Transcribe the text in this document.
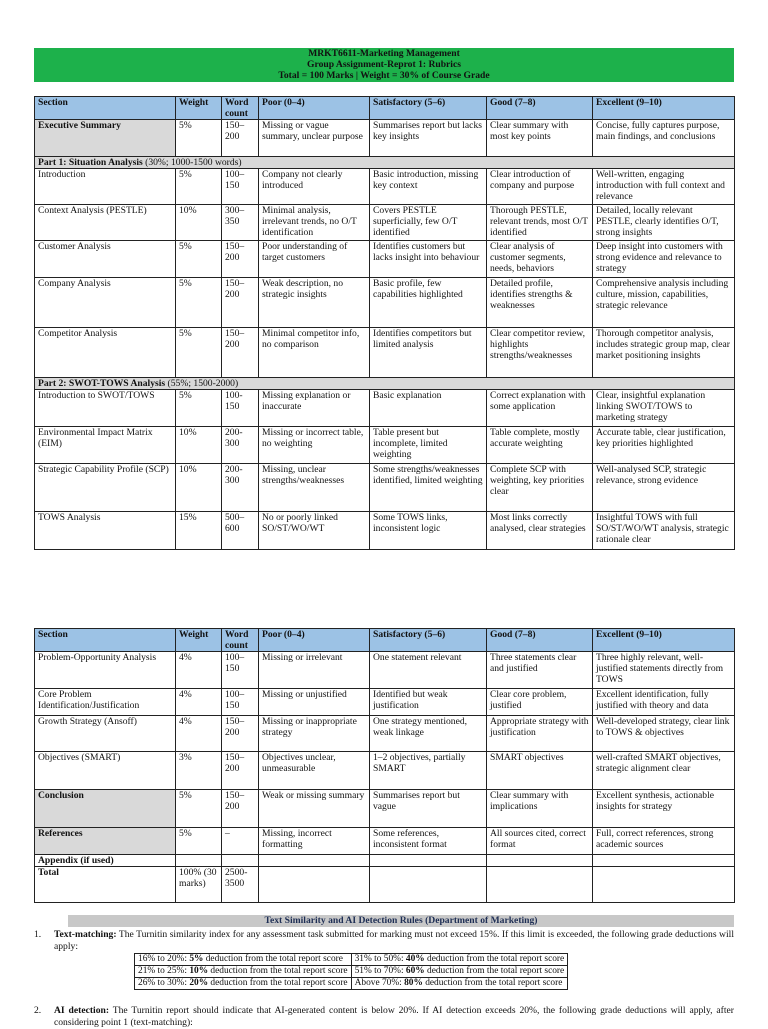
MRKT6611-Marketing Management
Group Assignment-Reprot 1: Rubrics
Total = 100 Marks | Weight = 30% of Course Grade
Section	Weight	Word count	Poor (0–4)	Satisfactory (5–6)	Good (7–8)	Excellent (9–10)
Executive Summary	5%	150–200	Missing or vague summary, unclear purpose	Summarises report but lacks key insights	Clear summary with most key points	Concise, fully captures purpose, main findings, and conclusions
Part 1: Situation Analysis (30%; 1000-1500 words)						
Introduction	5%	100–150	Company not clearly introduced	Basic introduction, missing key context	Clear introduction of company and purpose	Well-written, engaging introduction with full context and relevance
Context Analysis (PESTLE)	10%	300–350	Minimal analysis, irrelevant trends, no O/T identification	Covers PESTLE superficially, few O/T identified	Thorough PESTLE, relevant trends, most O/T identified	Detailed, locally relevant PESTLE, clearly identifies O/T, strong insights
Customer Analysis	5%	150–200	Poor understanding of target customers	Identifies customers but lacks insight into behaviour	Clear analysis of customer segments, needs, behaviors	Deep insight into customers with strong evidence and relevance to strategy
Company Analysis	5%	150–200	Weak description, no strategic insights	Basic profile, few capabilities highlighted	Detailed profile, identifies strengths & weaknesses	Comprehensive analysis including culture, mission, capabilities, strategic relevance
Competitor Analysis	5%	150–200	Minimal competitor info, no comparison	Identifies competitors but limited analysis	Clear competitor review, highlights strengths/weaknesses	Thorough competitor analysis, includes strategic group map, clear market positioning insights
Part 2: SWOT-TOWS Analysis (55%; 1500-2000)						
Introduction to SWOT/TOWS	5%	100-150	Missing explanation or inaccurate	Basic explanation	Correct explanation with some application	Clear, insightful explanation linking SWOT/TOWS to marketing strategy
Environmental Impact Matrix (EIM)	10%	200-300	Missing or incorrect table, no weighting	Table present but incomplete, limited weighting	Table complete, mostly accurate weighting	Accurate table, clear justification, key priorities highlighted
Strategic Capability Profile (SCP)	10%	200-300	Missing, unclear strengths/weaknesses	Some strengths/weaknesses identified, limited weighting	Complete SCP with weighting, key priorities clear	Well-analysed SCP, strategic relevance, strong evidence
TOWS Analysis	15%	500–600	No or poorly linked SO/ST/WO/WT	Some TOWS links, inconsistent logic	Most links correctly analysed, clear strategies	Insightful TOWS with full SO/ST/WO/WT analysis, strategic rationale clear
Section	Weight	Word count	Poor (0–4)	Satisfactory (5–6)	Good (7–8)	Excellent (9–10)
Problem-Opportunity Analysis	4%	100–150	Missing or irrelevant	One statement relevant	Three statements clear and justified	Three highly relevant, well-justified statements directly from TOWS
Core Problem Identification/Justification	4%	100–150	Missing or unjustified	Identified but weak justification	Clear core problem, justified	Excellent identification, fully justified with theory and data
Growth Strategy (Ansoff)	4%	150–200	Missing or inappropriate strategy	One strategy mentioned, weak linkage	Appropriate strategy with justification	Well-developed strategy, clear link to TOWS & objectives
Objectives (SMART)	3%	150–200	Objectives unclear, unmeasurable	1–2 objectives, partially SMART	SMART objectives	well-crafted SMART objectives, strategic alignment clear
Conclusion	5%	150–200	Weak or missing summary	Summarises report but vague	Clear summary with implications	Excellent synthesis, actionable insights for strategy
References	5%	–	Missing, incorrect formatting	Some references, inconsistent format	All sources cited, correct format	Full, correct references, strong academic sources
Appendix (if used)						
Total	100% (30 marks)	2500-3500				
Text Similarity and AI Detection Rules (Department of Marketing)
1. Text-matching: The Turnitin similarity index for any assessment task submitted for marking must not exceed 15%. If this limit is exceeded, the following grade deductions will apply:
16% to 20%: 5% deduction from the total report score	31% to 50%: 40% deduction from the total report score
21% to 25%: 10% deduction from the total report score	51% to 70%: 60% deduction from the total report score
26% to 30%: 20% deduction from the total report score	Above 70%: 80% deduction from the total report score
2. AI detection: The Turnitin report should indicate that AI-generated content is below 20%. If AI detection exceeds 20%, the following grade deductions will apply, after considering point 1 (text-matching):
